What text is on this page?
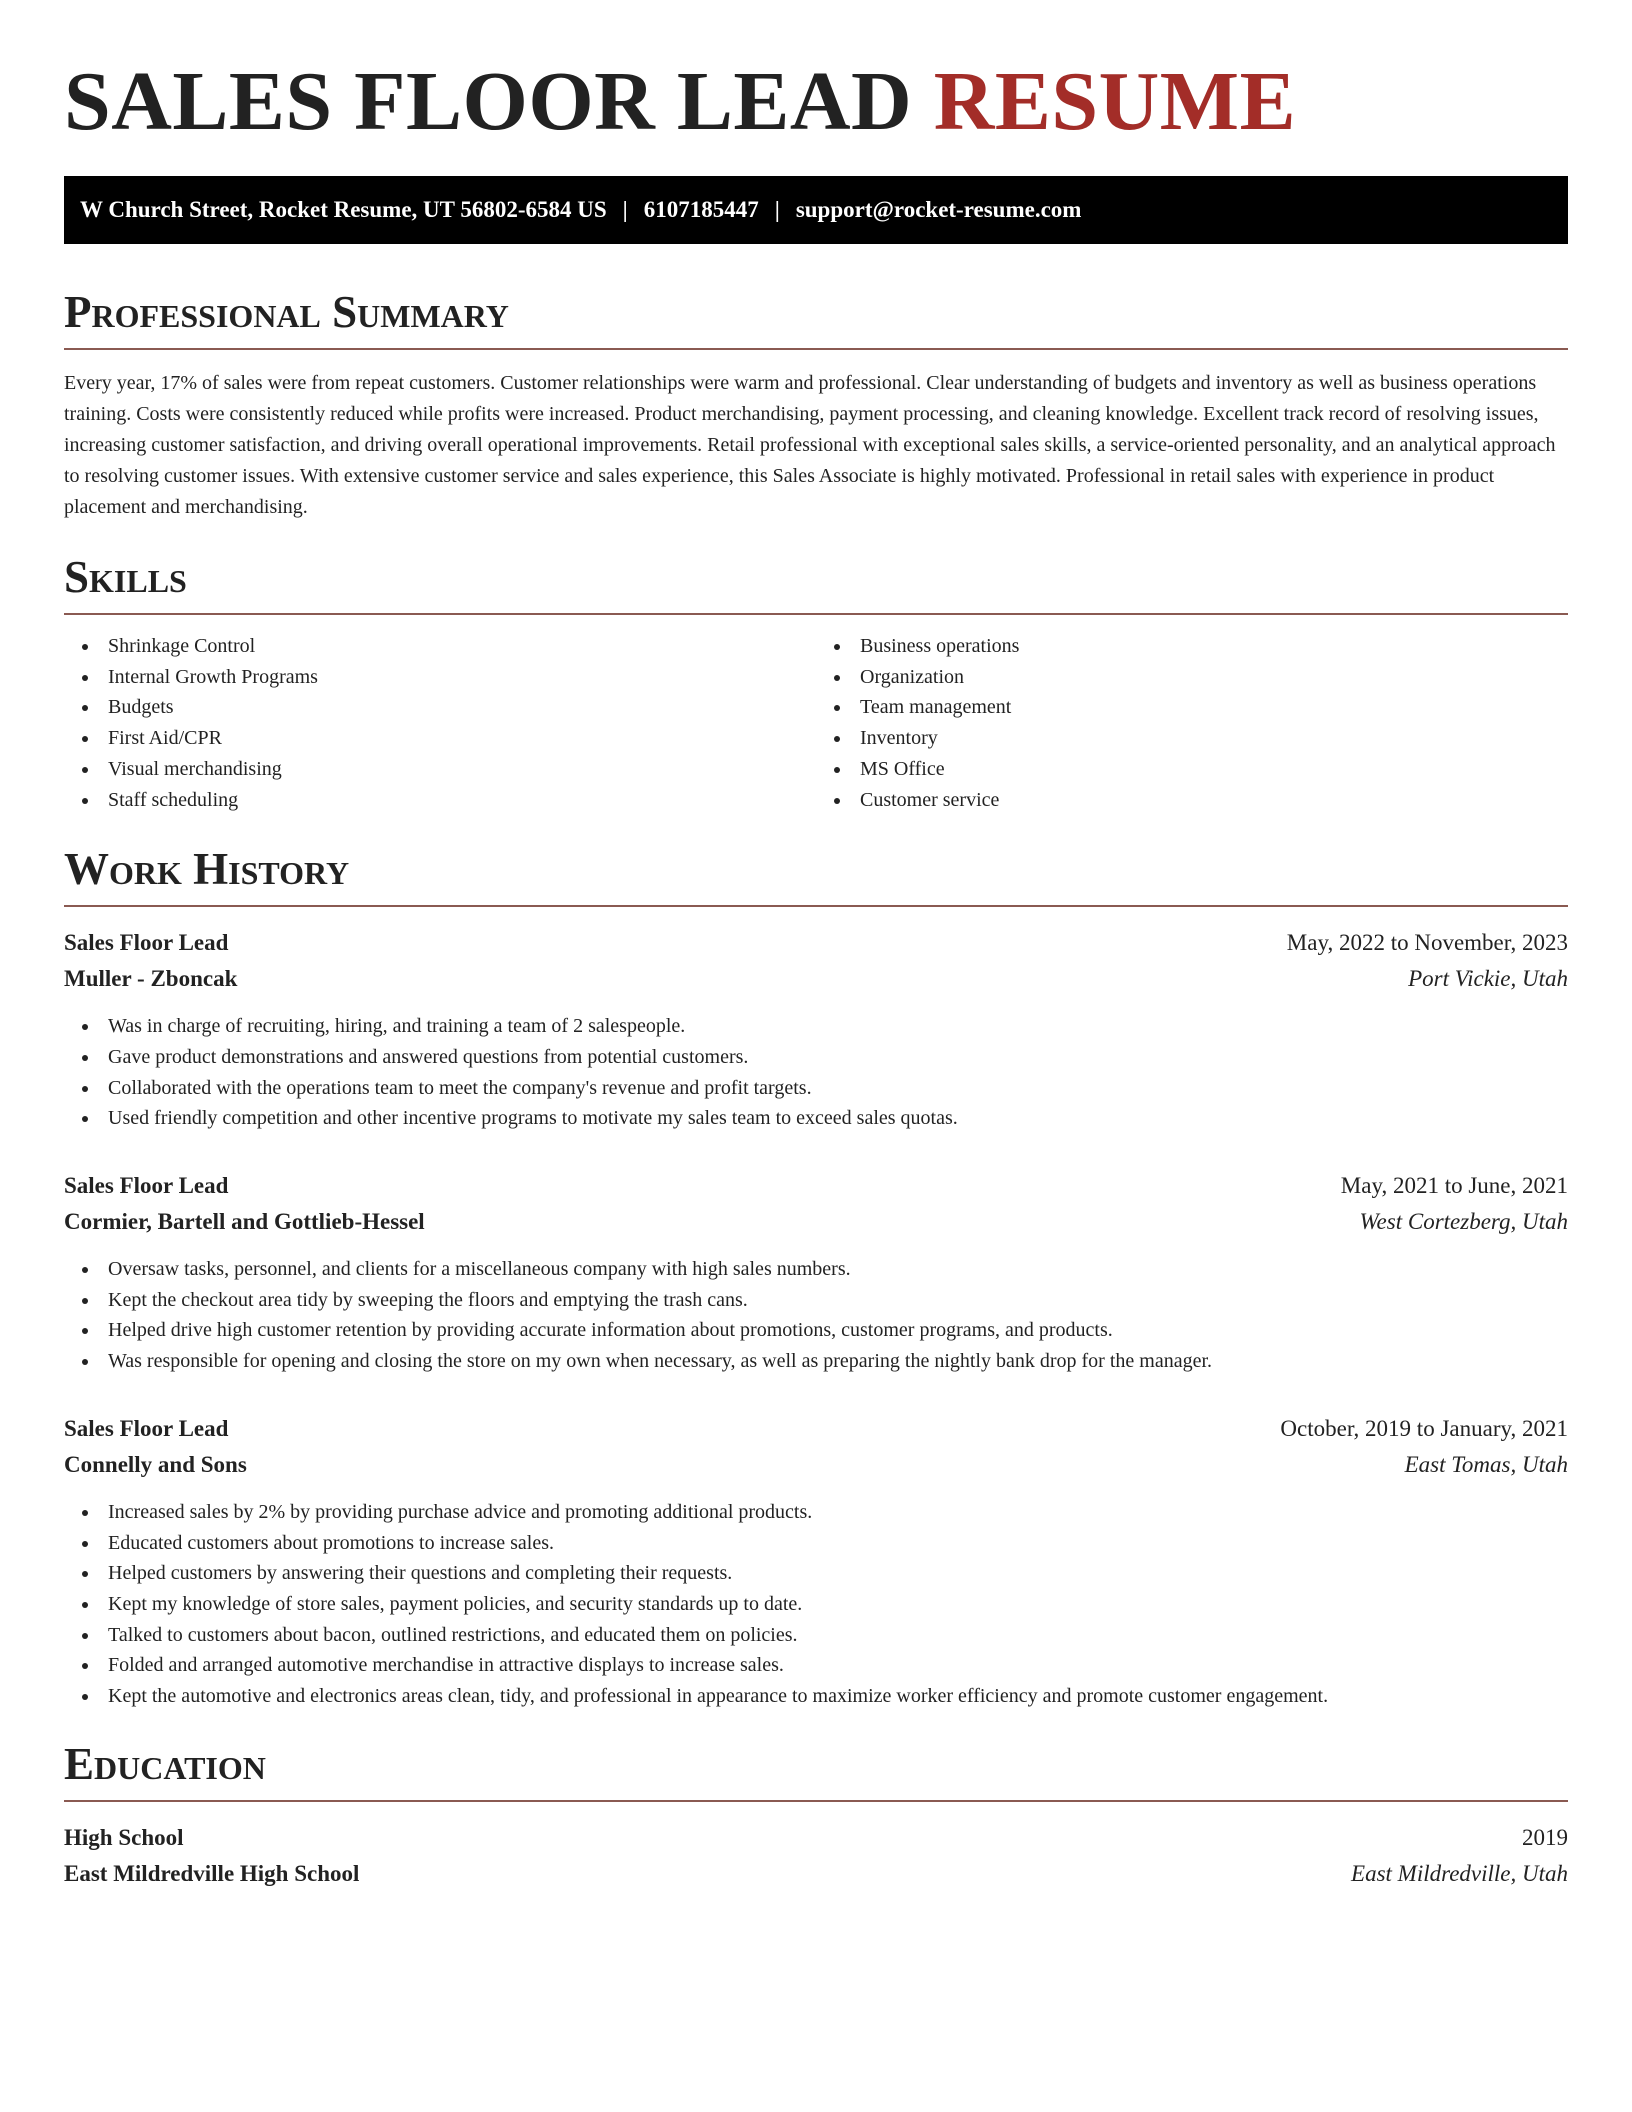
SALES FLOOR LEAD RESUME
W Church Street, Rocket Resume, UT 56802-6584 US | 6107185447 | support@rocket-resume.com
Professional Summary

Every year, 17% of sales were from repeat customers. Customer relationships were warm and professional. Clear understanding of budgets and inventory as well as business operations training. Costs were consistently reduced while profits were increased. Product merchandising, payment processing, and cleaning knowledge. Excellent track record of resolving issues, increasing customer satisfaction, and driving overall operational improvements. Retail professional with exceptional sales skills, a service-oriented personality, and an analytical approach to resolving customer issues. With extensive customer service and sales experience, this Sales Associate is highly motivated. Professional in retail sales with experience in product placement and merchandising.

Skills
Shrinkage Control
Internal Growth Programs
Budgets
First Aid/CPR
Visual merchandising
Staff scheduling
Business operations
Organization
Team management
Inventory
MS Office
Customer service
Work History
Sales Floor Lead	May, 2022 to November, 2023
Muller - Zboncak	Port Vickie, Utah
Was in charge of recruiting, hiring, and training a team of 2 salespeople.
Gave product demonstrations and answered questions from potential customers.
Collaborated with the operations team to meet the company's revenue and profit targets.
Used friendly competition and other incentive programs to motivate my sales team to exceed sales quotas.
Sales Floor Lead	May, 2021 to June, 2021
Cormier, Bartell and Gottlieb-Hessel	West Cortezberg, Utah
Oversaw tasks, personnel, and clients for a miscellaneous company with high sales numbers.
Kept the checkout area tidy by sweeping the floors and emptying the trash cans.
Helped drive high customer retention by providing accurate information about promotions, customer programs, and products.
Was responsible for opening and closing the store on my own when necessary, as well as preparing the nightly bank drop for the manager.
Sales Floor Lead	October, 2019 to January, 2021
Connelly and Sons	East Tomas, Utah
Increased sales by 2% by providing purchase advice and promoting additional products.
Educated customers about promotions to increase sales.
Helped customers by answering their questions and completing their requests.
Kept my knowledge of store sales, payment policies, and security standards up to date.
Talked to customers about bacon, outlined restrictions, and educated them on policies.
Folded and arranged automotive merchandise in attractive displays to increase sales.
Kept the automotive and electronics areas clean, tidy, and professional in appearance to maximize worker efficiency and promote customer engagement.
Education
High School	2019
East Mildredville High School	East Mildredville, Utah
